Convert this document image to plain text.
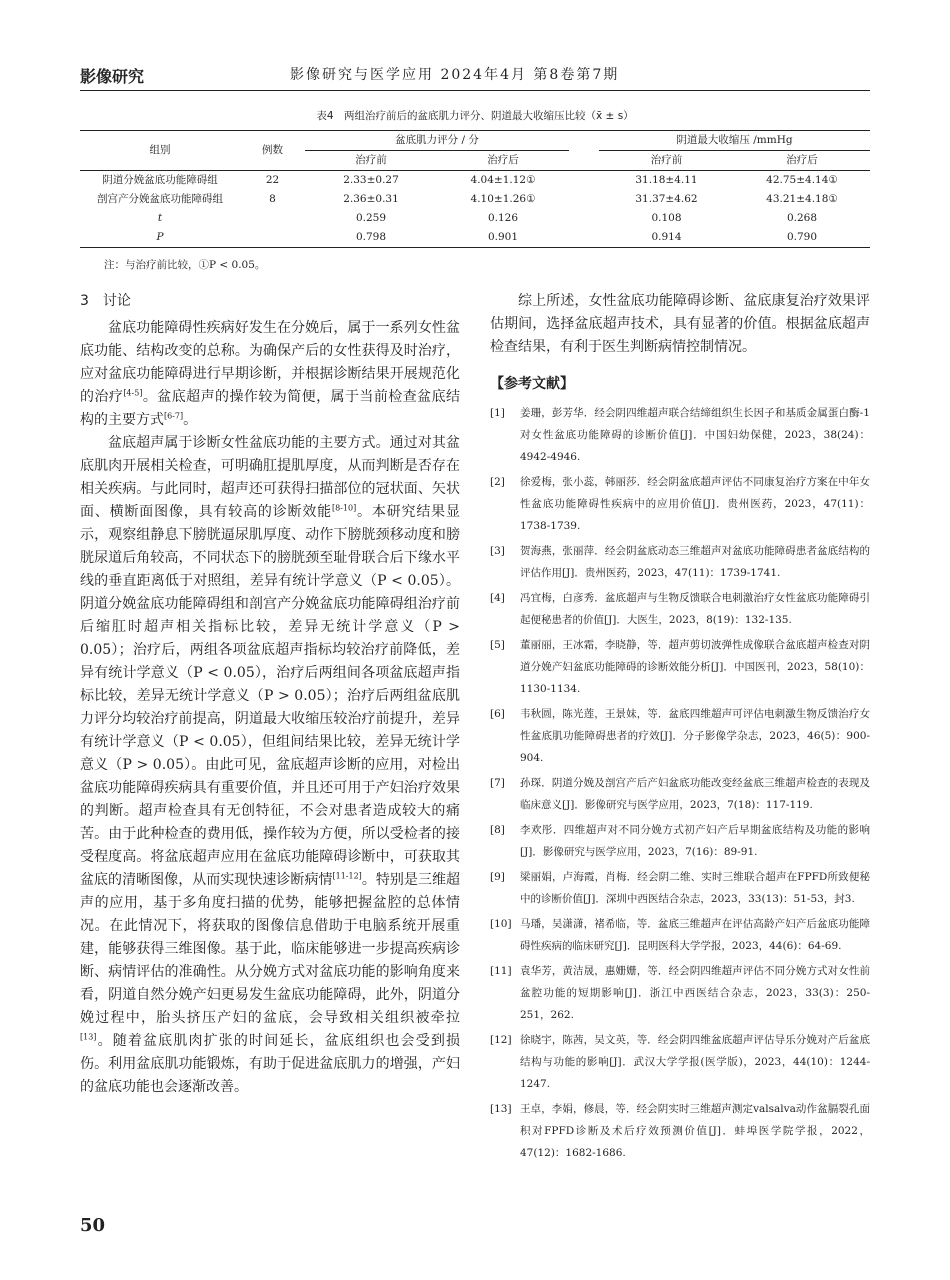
影像研究	影像研究与医学应用 2024年4月 第8卷第7期
表4　两组治疗前后的盆底肌力评分、阴道最大收缩压比较（x̄ ± s）
组别	例数	盆底肌力评分 / 分			阴道最大收缩压 /mmHg	
		治疗前	治疗后		治疗前	治疗后
阴道分娩盆底功能障碍组	22	2.33±0.27	4.04±1.12①		31.18±4.11	42.75±4.14①
剖宫产分娩盆底功能障碍组	8	2.36±0.31	4.10±1.26①		31.37±4.62	43.21±4.18①
t		0.259	0.126		0.108	0.268
P		0.798	0.901		0.914	0.790
注：与治疗前比较，①P < 0.05。
3　讨论

盆底功能障碍性疾病好发生在分娩后，属于一系列女性盆底功能、结构改变的总称。为确保产后的女性获得及时治疗，应对盆底功能障碍进行早期诊断，并根据诊断结果开展规范化的治疗[4-5]。盆底超声的操作较为简便，属于当前检查盆底结构的主要方式[6-7]。

盆底超声属于诊断女性盆底功能的主要方式。通过对其盆底肌肉开展相关检查，可明确肛提肌厚度，从而判断是否存在相关疾病。与此同时，超声还可获得扫描部位的冠状面、矢状面、横断面图像，具有较高的诊断效能[8-10]。本研究结果显示，观察组静息下膀胱逼尿肌厚度、动作下膀胱颈移动度和膀胱尿道后角较高，不同状态下的膀胱颈至耻骨联合后下缘水平线的垂直距离低于对照组，差异有统计学意义（P < 0.05）。阴道分娩盆底功能障碍组和剖宫产分娩盆底功能障碍组治疗前后缩肛时超声相关指标比较，差异无统计学意义（P > 0.05）；治疗后，两组各项盆底超声指标均较治疗前降低，差异有统计学意义（P < 0.05），治疗后两组间各项盆底超声指标比较，差异无统计学意义（P > 0.05）；治疗后两组盆底肌力评分均较治疗前提高，阴道最大收缩压较治疗前提升，差异有统计学意义（P < 0.05），但组间结果比较，差异无统计学意义（P > 0.05）。由此可见，盆底超声诊断的应用，对检出盆底功能障碍疾病具有重要价值，并且还可用于产妇治疗效果的判断。超声检查具有无创特征，不会对患者造成较大的痛苦。由于此种检查的费用低，操作较为方便，所以受检者的接受程度高。将盆底超声应用在盆底功能障碍诊断中，可获取其盆底的清晰图像，从而实现快速诊断病情[11-12]。特别是三维超声的应用，基于多角度扫描的优势，能够把握盆腔的总体情况。在此情况下，将获取的图像信息借助于电脑系统开展重建，能够获得三维图像。基于此，临床能够进一步提高疾病诊断、病情评估的准确性。从分娩方式对盆底功能的影响角度来看，阴道自然分娩产妇更易发生盆底功能障碍，此外，阴道分娩过程中，胎头挤压产妇的盆底，会导致相关组织被牵拉[13]。随着盆底肌肉扩张的时间延长，盆底组织也会受到损伤。利用盆底肌功能锻炼，有助于促进盆底肌力的增强，产妇的盆底功能也会逐渐改善。

综上所述，女性盆底功能障碍诊断、盆底康复治疗效果评估期间，选择盆底超声技术，具有显著的价值。根据盆底超声检查结果，有利于医生判断病情控制情况。

【参考文献】
[1] 姜珊，彭芳华．经会阴四维超声联合结缔组织生长因子和基质金属蛋白酶-1对女性盆底功能障碍的诊断价值[J]．中国妇幼保健，2023，38(24)：4942-4946.
[2] 徐爱梅，张小蕊，韩丽莎．经会阴盆底超声评估不同康复治疗方案在中年女性盆底功能障碍性疾病中的应用价值[J]．贵州医药，2023，47(11)：1738-1739.
[3] 贺海燕，张丽萍．经会阴盆底动态三维超声对盆底功能障碍患者盆底结构的评估作用[J]．贵州医药，2023，47(11)：1739-1741.
[4] 冯宜梅，白彦秀．盆底超声与生物反馈联合电刺激治疗女性盆底功能障碍引起便秘患者的价值[J]．大医生，2023，8(19)：132-135.
[5] 董丽丽，王冰霜，李晓静，等．超声剪切波弹性成像联合盆底超声检查对阴道分娩产妇盆底功能障碍的诊断效能分析[J]．中国医刊，2023，58(10)：1130-1134.
[6] 韦秋圆，陈光莲，王景妹，等．盆底四维超声可评估电刺激生物反馈治疗女性盆底肌功能障碍患者的疗效[J]．分子影像学杂志，2023，46(5)：900-904.
[7] 孙琛．阴道分娩及剖宫产后产妇盆底功能改变经盆底三维超声检查的表现及临床意义[J]．影像研究与医学应用，2023，7(18)：117-119.
[8] 李欢彤．四维超声对不同分娩方式初产妇产后早期盆底结构及功能的影响[J]．影像研究与医学应用，2023，7(16)：89-91.
[9] 梁丽娟，卢海霞，肖梅．经会阴二维、实时三维联合超声在FPFD所致便秘中的诊断价值[J]．深圳中西医结合杂志，2023，33(13)：51-53，封3.
[10] 马璠，吴潇潇，褚希临，等．盆底三维超声在评估高龄产妇产后盆底功能障碍性疾病的临床研究[J]．昆明医科大学学报，2023，44(6)：64-69.
[11] 袁华芳，黄洁晟，惠姗姗，等．经会阴四维超声评估不同分娩方式对女性前盆腔功能的短期影响[J]．浙江中西医结合杂志，2023，33(3)：250-251，262.
[12] 徐晓宇，陈茜，吴文英，等．经会阴四维盆底超声评估导乐分娩对产后盆底结构与功能的影响[J]．武汉大学学报(医学版)，2023，44(10)：1244-1247.
[13] 王卓，李娟，修晨，等．经会阴实时三维超声测定valsalva动作盆膈裂孔面积对FPFD诊断及术后疗效预测价值[J]．蚌埠医学院学报，2022，47(12)：1682-1686.
50
